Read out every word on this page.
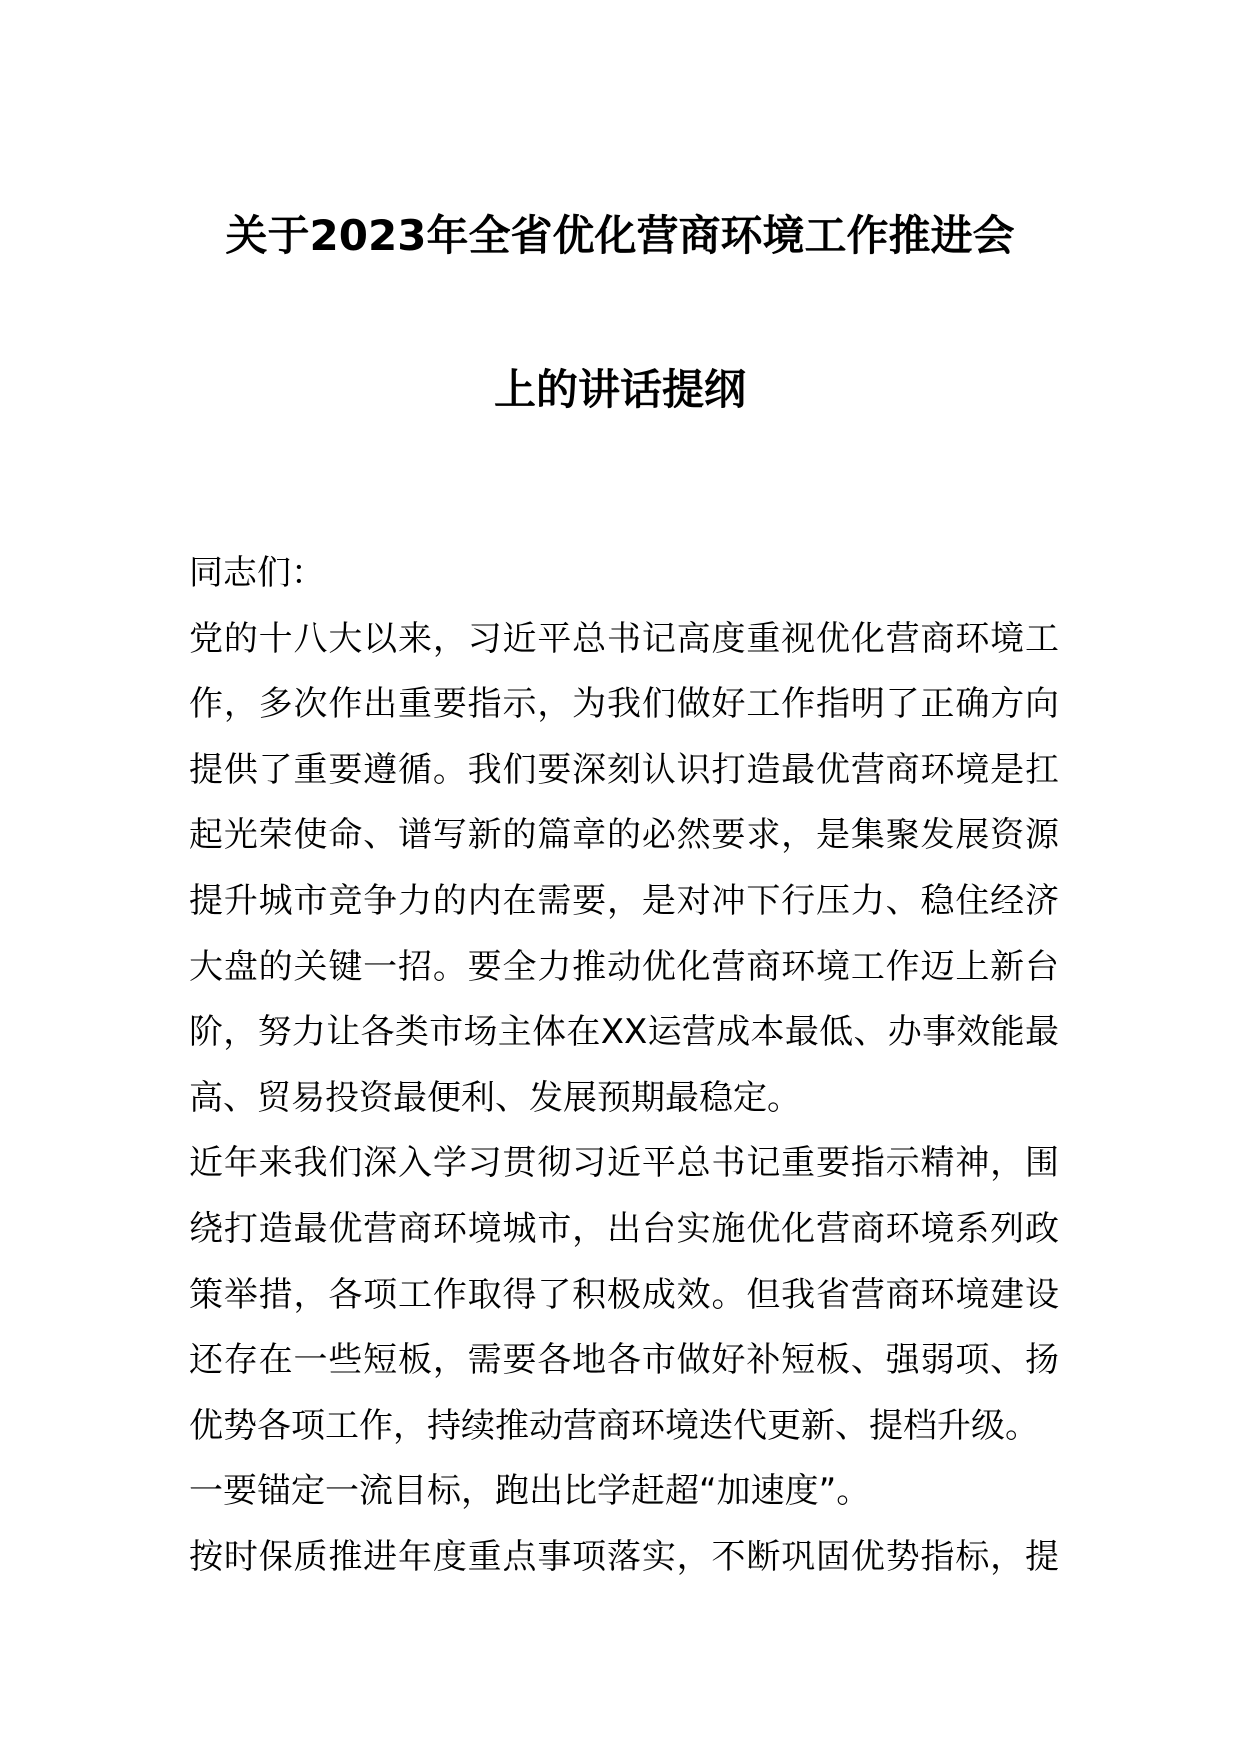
关于2023年全省优化营商环境工作推进会
上的讲话提纲
同志们：
党的十八大以来，习近平总书记高度重视优化营商环境工
作，多次作出重要指示，为我们做好工作指明了正确方向
提供了重要遵循。我们要深刻认识打造最优营商环境是扛
起光荣使命、谱写新的篇章的必然要求，是集聚发展资源
提升城市竞争力的内在需要，是对冲下行压力、稳住经济
大盘的关键一招。要全力推动优化营商环境工作迈上新台
阶，努力让各类市场主体在XX运营成本最低、办事效能最
高、贸易投资最便利、发展预期最稳定。
近年来我们深入学习贯彻习近平总书记重要指示精神，围
绕打造最优营商环境城市，出台实施优化营商环境系列政
策举措，各项工作取得了积极成效。但我省营商环境建设
还存在一些短板，需要各地各市做好补短板、强弱项、扬
优势各项工作，持续推动营商环境迭代更新、提档升级。
一要锚定一流目标，跑出比学赶超“加速度”。
按时保质推进年度重点事项落实，不断巩固优势指标，提
